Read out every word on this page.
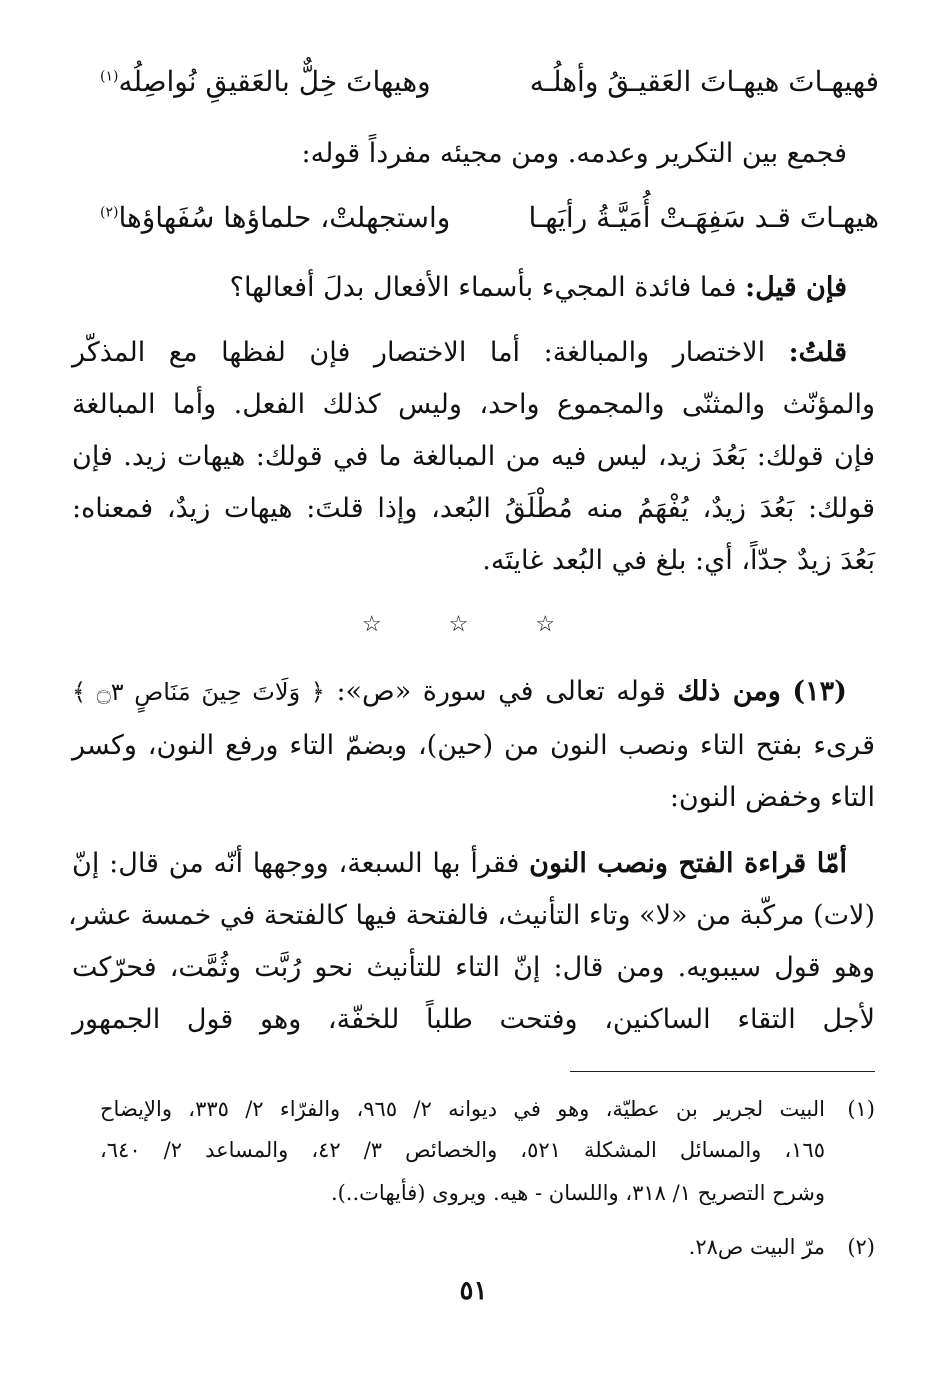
فهيهـاتَ هيهـاتَ العَقيـقُ وأهلُـه
وهيهاتَ خِلٌّ بالعَقيقِ نُواصِلُه$^{(١)}$
فجمع بين التكرير وعدمه. ومن مجيئه مفرداً قوله:
هيهـاتَ قـد سَفِهَـتْ أُمَيَّـةُ رأيَهـا
واستجهلتْ، حلماؤها سُفَهاؤها$^{(٢)}$
فإن قيل: فما فائدة المجيء بأسماء الأفعال بدلَ أفعالها؟
قلتُ: الاختصار والمبالغة: أما الاختصار فإن لفظها مع المذكّر
والمؤنّث والمثنّى والمجموع واحد، وليس كذلك الفعل. وأما المبالغة
فإن قولك: بَعُدَ زيد، ليس فيه من المبالغة ما في قولك: هيهات زيد. فإن
قولك: بَعُدَ زيدٌ، يُفْهَمُ منه مُطْلَقُ البُعد، وإذا قلتَ: هيهات زيدٌ، فمعناه:
بَعُدَ زيدٌ جدّاً، أي: بلغ في البُعد غايتَه.
☆ ☆ ☆
(١٣) ومن ذلك قوله تعالى في سورة «ص»: ﴿ وَلَاتَ حِينَ مَنَاصٍ ۝٣ ﴾
قرىء بفتح التاء ونصب النون من (حين)، وبضمّ التاء ورفع النون، وكسر
التاء وخفض النون:
أمّا قراءة الفتح ونصب النون فقرأ بها السبعة، ووجهها أنّه من قال: إنّ
(لات) مركّبة من «لا» وتاء التأنيث، فالفتحة فيها كالفتحة في خمسة عشر،
وهو قول سيبويه. ومن قال: إنّ التاء للتأنيث نحو رُبَّت وثُمَّت، فحرّكت
لأجل التقاء الساكنين، وفتحت طلباً للخفّة، وهو قول الجمهور
(١)
البيت لجرير بن عطيّة، وهو في ديوانه ٢/ ٩٦٥، والفرّاء ٢/ ٣٣٥، والإيضاح
١٦٥، والمسائل المشكلة ٥٢١، والخصائص ٣/ ٤٢، والمساعد ٢/ ٦٤٠،
وشرح التصريح ١/ ٣١٨، واللسان - هيه. ويروى (فأيهات..).
(٢)
مرّ البيت ص٢٨.
٥١
